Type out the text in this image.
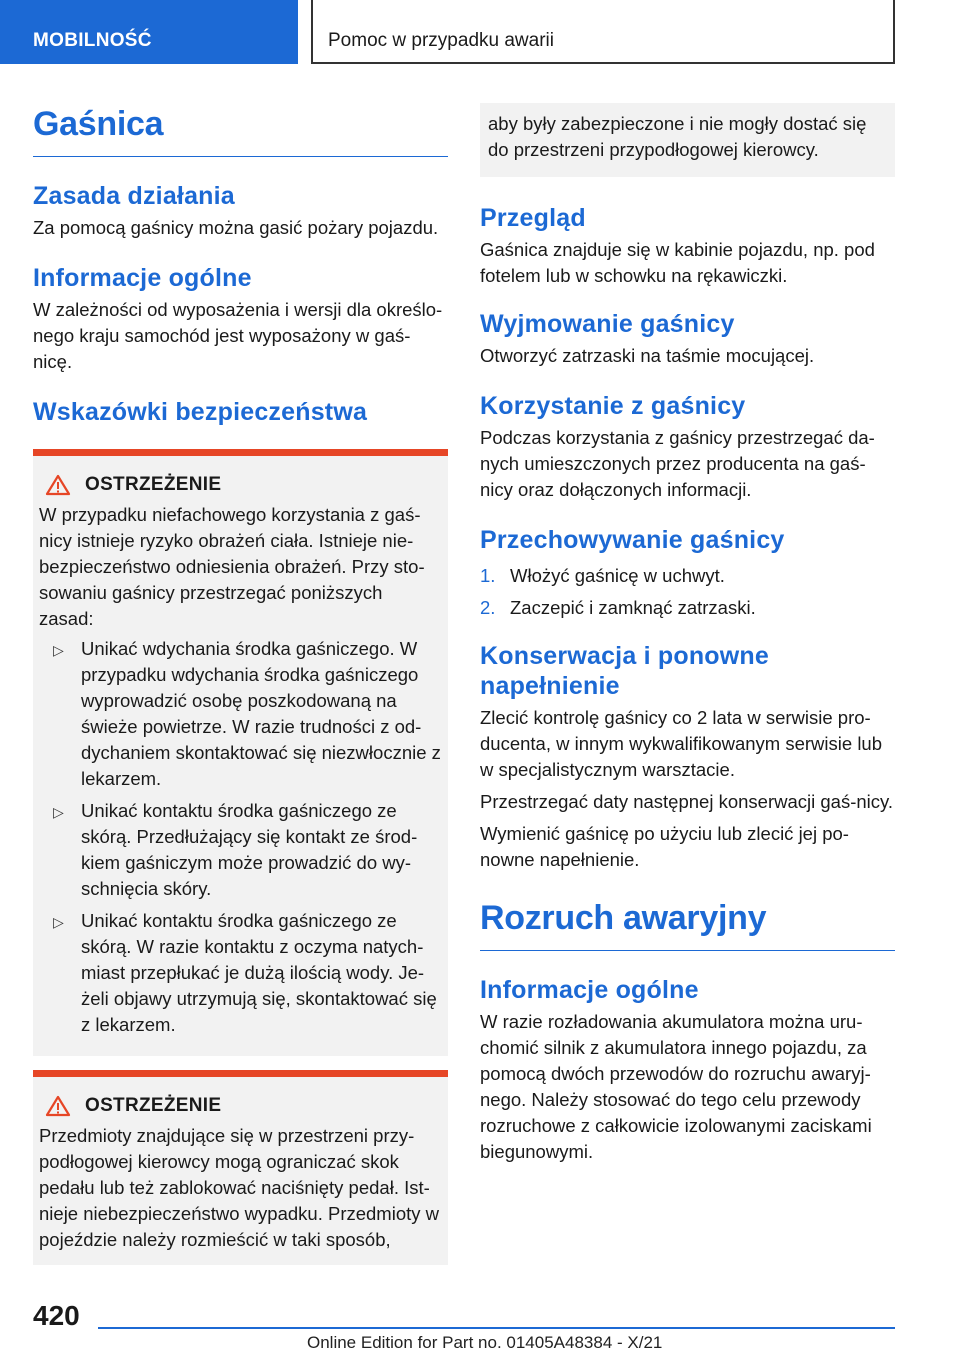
MOBILNOŚĆ	Pomoc w przypadku awarii
Gaśnica
Zasada działania

Za pomocą gaśnicy można gasić pożary pojazdu.

Informacje ogólne

W zależności od wyposażenia i wersji dla określo-nego kraju samochód jest wyposażony w gaś-nicę.

Wskazówki bezpieczeństwa
OSTRZEŻENIE

W przypadku niefachowego korzystania z gaś-nicy istnieje ryzyko obrażeń ciała. Istnieje nie-bezpieczeństwo odniesienia obrażeń. Przy sto-sowaniu gaśnicy przestrzegać poniższych zasad:

▷ Unikać wdychania środka gaśniczego. W przypadku wdychania środka gaśniczego wyprowadzić osobę poszkodowaną na świeże powietrze. W razie trudności z od-dychaniem skontaktować się niezwłocznie z lekarzem.
▷ Unikać kontaktu środka gaśniczego ze skórą. Przedłużający się kontakt ze środ-kiem gaśniczym może prowadzić do wy-schnięcia skóry.
▷ Unikać kontaktu środka gaśniczego ze skórą. W razie kontaktu z oczyma natych-miast przepłukać je dużą ilością wody. Je-żeli objawy utrzymują się, skontaktować się z lekarzem.
OSTRZEŻENIE

Przedmioty znajdujące się w przestrzeni przy-podłogowej kierowcy mogą ograniczać skok pedału lub też zablokować naciśnięty pedał. Ist-nieje niebezpieczeństwo wypadku. Przedmioty w pojeździe należy rozmieścić w taki sposób,

aby były zabezpieczone i nie mogły dostać się do przestrzeni przypodłogowej kierowcy.

Przegląd

Gaśnica znajduje się w kabinie pojazdu, np. pod fotelem lub w schowku na rękawiczki.

Wyjmowanie gaśnicy

Otworzyć zatrzaski na taśmie mocującej.

Korzystanie z gaśnicy

Podczas korzystania z gaśnicy przestrzegać da-nych umieszczonych przez producenta na gaś-nicy oraz dołączonych informacji.

Przechowywanie gaśnicy
1. Włożyć gaśnicę w uchwyt.
2. Zaczepić i zamknąć zatrzaski.
Konserwacja i ponowne napełnienie

Zlecić kontrolę gaśnicy co 2 lata w serwisie pro-ducenta, w innym wykwalifikowanym serwisie lub w specjalistycznym warsztacie.

Przestrzegać daty następnej konserwacji gaś-nicy.

Wymienić gaśnicę po użyciu lub zlecić jej po-nowne napełnienie.

Rozruch awaryjny
Informacje ogólne

W razie rozładowania akumulatora można uru-chomić silnik z akumulatora innego pojazdu, za pomocą dwóch przewodów do rozruchu awaryj-nego. Należy stosować do tego celu przewody rozruchowe z całkowicie izolowanymi zaciskami biegunowymi.

420
Online Edition for Part no. 01405A48384 - X/21
